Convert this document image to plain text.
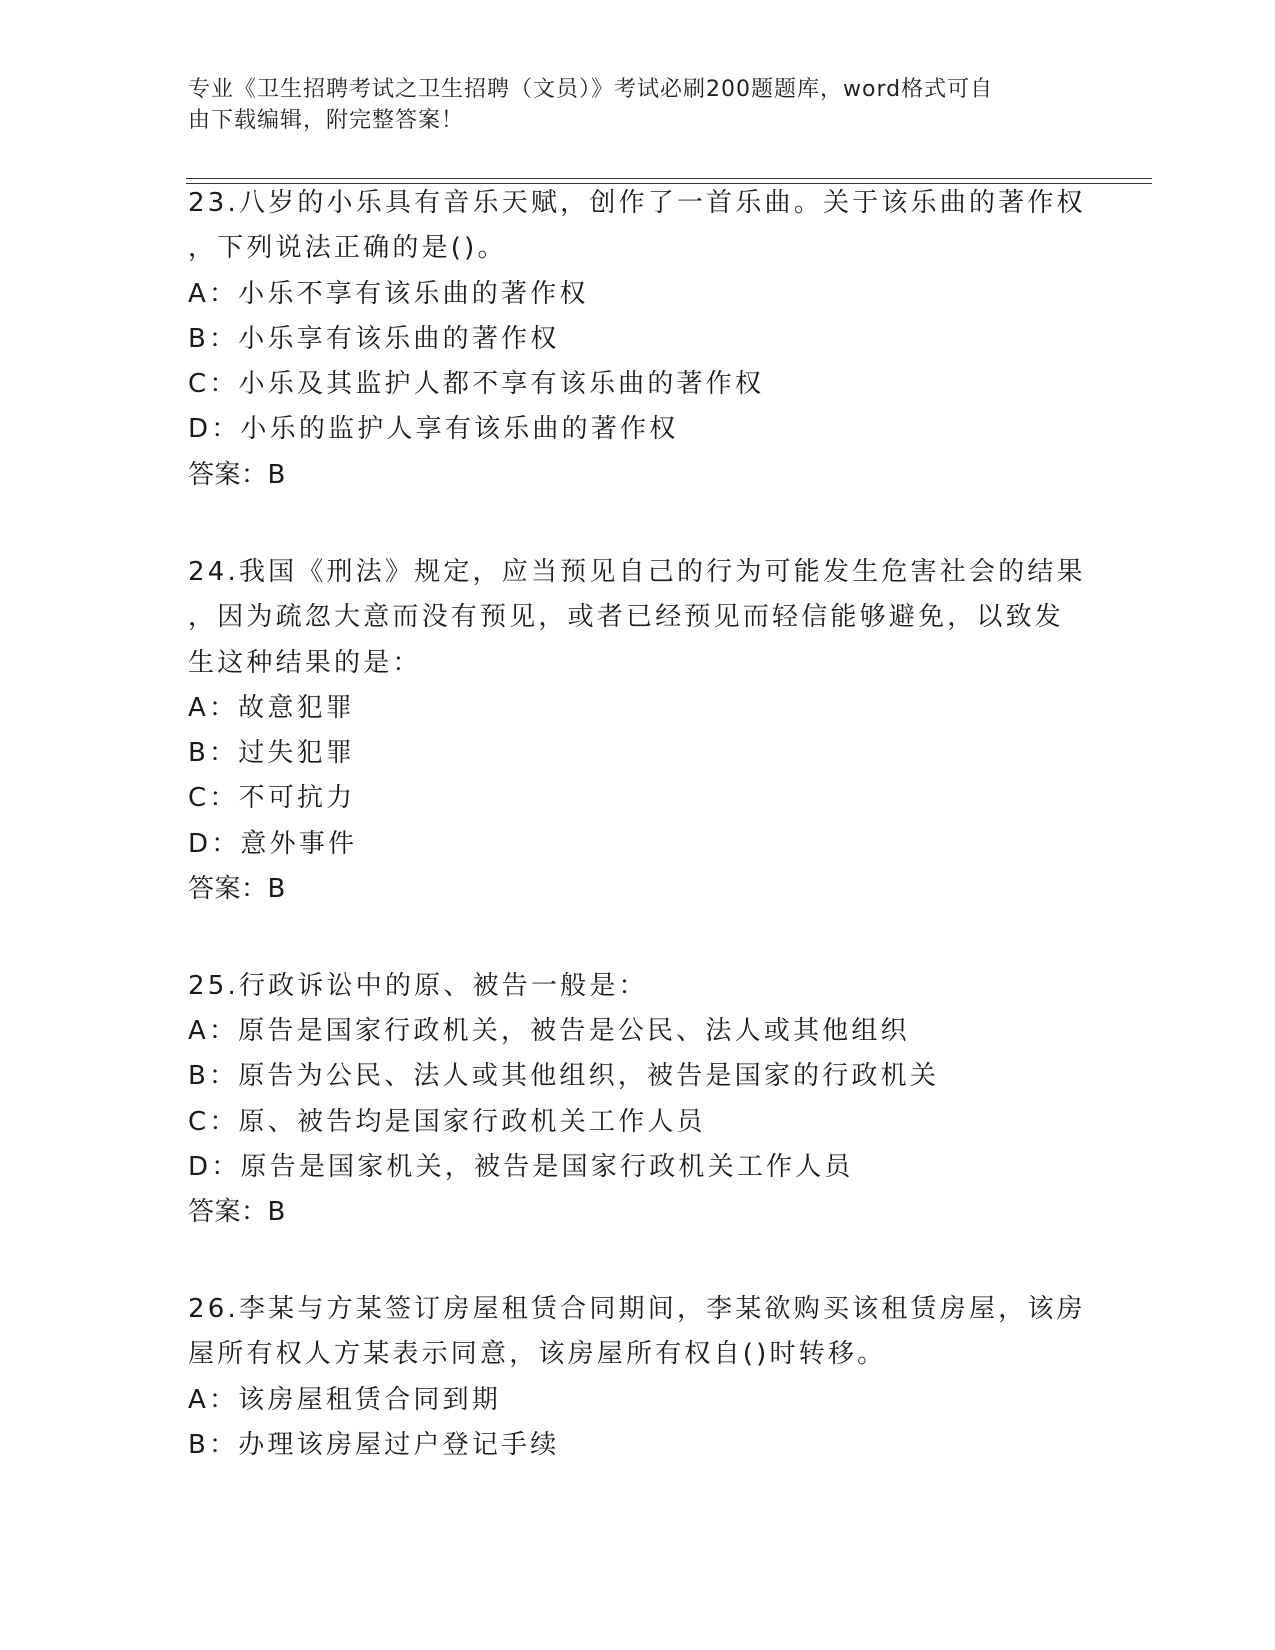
专业《卫生招聘考试之卫生招聘（文员）》考试必刷200题题库，word格式可自
由下载编辑，附完整答案！
23.八岁的小乐具有音乐天赋，创作了一首乐曲。关于该乐曲的著作权
，下列说法正确的是()。
A：小乐不享有该乐曲的著作权
B：小乐享有该乐曲的著作权
C：小乐及其监护人都不享有该乐曲的著作权
D：小乐的监护人享有该乐曲的著作权
答案：B
24.我国《刑法》规定，应当预见自己的行为可能发生危害社会的结果
，因为疏忽大意而没有预见，或者已经预见而轻信能够避免，以致发
生这种结果的是：
A：故意犯罪
B：过失犯罪
C：不可抗力
D：意外事件
答案：B
25.行政诉讼中的原、被告一般是：
A：原告是国家行政机关，被告是公民、法人或其他组织
B：原告为公民、法人或其他组织，被告是国家的行政机关
C：原、被告均是国家行政机关工作人员
D：原告是国家机关，被告是国家行政机关工作人员
答案：B
26.李某与方某签订房屋租赁合同期间，李某欲购买该租赁房屋，该房
屋所有权人方某表示同意，该房屋所有权自()时转移。
A：该房屋租赁合同到期
B：办理该房屋过户登记手续
